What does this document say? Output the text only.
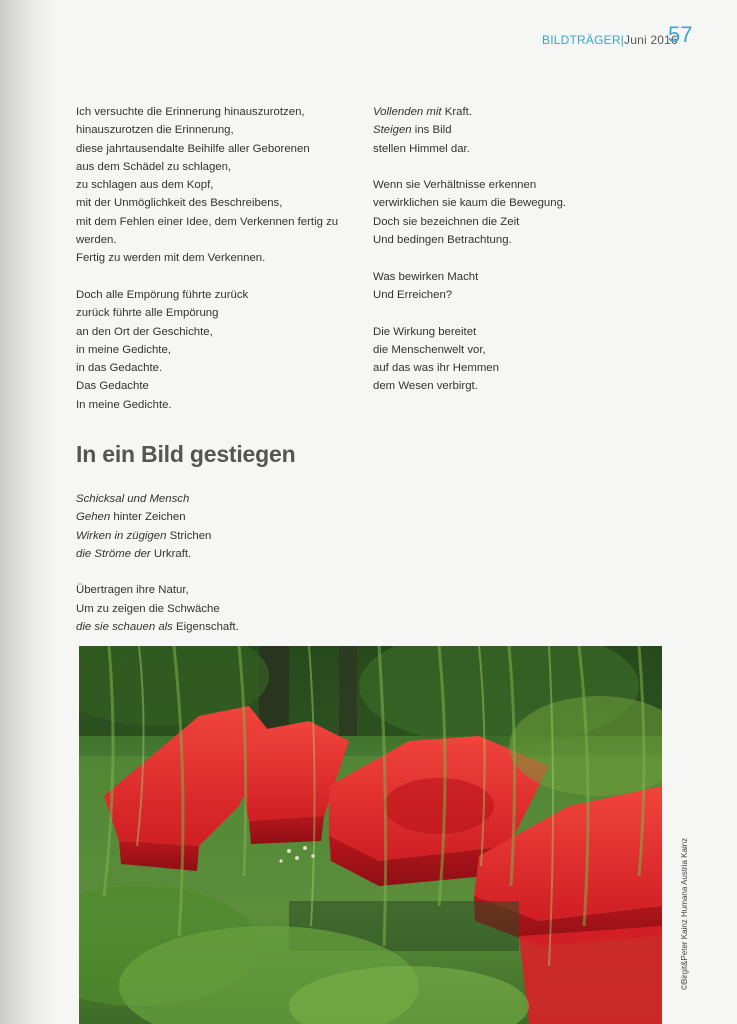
BILDTRÄGER|Juni 2016
57
Ich versuchte die Erinnerung hinauszurotzen,
hinauszurotzen die Erinnerung,
diese jahrtausendalte Beihilfe aller Geborenen
aus dem Schädel zu schlagen,
zu schlagen aus dem Kopf,
mit der Unmöglichkeit des Beschreibens,
mit dem Fehlen einer Idee, dem Verkennen fertig zu
werden.
Fertig zu werden mit dem Verkennen.
Doch alle Empörung führte zurück
zurück führte alle Empörung
an den Ort der Geschichte,
in meine Gedichte,
in das Gedachte.
Das Gedachte
In meine Gedichte.
Vollenden mit Kraft.
Steigen ins Bild
stellen Himmel dar.
Wenn sie Verhältnisse erkennen
verwirklichen sie kaum die Bewegung.
Doch sie bezeichnen die Zeit
Und bedingen Betrachtung.
Was bewirken Macht
Und Erreichen?
Die Wirkung bereitet
die Menschenwelt vor,
auf das was ihr Hemmen
dem Wesen verbirgt.
In ein Bild gestiegen
Schicksal und Mensch
Gehen hinter Zeichen
Wirken in zügigen Strichen
die Ströme der Urkraft.
Übertragen ihre Natur,
Um zu zeigen die Schwäche
die sie schauen als Eigenschaft.
©Birgit&Peter Kainz Humana Austria Kainz
